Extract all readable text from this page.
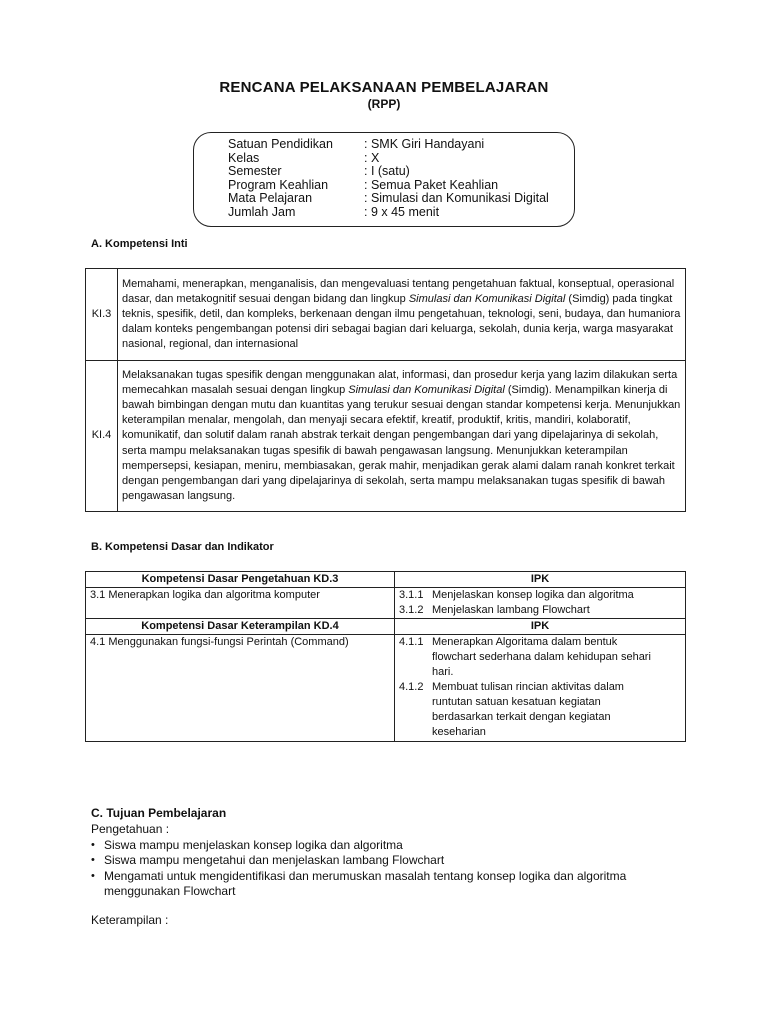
RENCANA PELAKSANAAN PEMBELAJARAN
(RPP)
Satuan Pendidikan	: SMK Giri Handayani
Kelas	: X
Semester	: I (satu)
Program Keahlian	: Semua Paket Keahlian
Mata Pelajaran	: Simulasi dan Komunikasi Digital
Jumlah Jam	: 9 x 45 menit
A. Kompetensi Inti
KI.3	Memahami, menerapkan, menganalisis, dan mengevaluasi tentang pengetahuan faktual, konseptual, operasional dasar, dan metakognitif sesuai dengan bidang dan lingkup Simulasi dan Komunikasi Digital (Simdig) pada tingkat teknis, spesifik, detil, dan kompleks, berkenaan dengan ilmu pengetahuan, teknologi, seni, budaya, dan humaniora dalam konteks pengembangan potensi diri sebagai bagian dari keluarga, sekolah, dunia kerja, warga masyarakat nasional, regional, dan internasional
KI.4	Melaksanakan tugas spesifik dengan menggunakan alat, informasi, dan prosedur kerja yang lazim dilakukan serta memecahkan masalah sesuai dengan lingkup Simulasi dan Komunikasi Digital (Simdig). Menampilkan kinerja di bawah bimbingan dengan mutu dan kuantitas yang terukur sesuai dengan standar kompetensi kerja. Menunjukkan keterampilan menalar, mengolah, dan menyaji secara efektif, kreatif, produktif, kritis, mandiri, kolaboratif, komunikatif, dan solutif dalam ranah abstrak terkait dengan pengembangan dari yang dipelajarinya di sekolah, serta mampu melaksanakan tugas spesifik di bawah pengawasan langsung. Menunjukkan keterampilan mempersepsi, kesiapan, meniru, membiasakan, gerak mahir, menjadikan gerak alami dalam ranah konkret terkait dengan pengembangan dari yang dipelajarinya di sekolah, serta mampu melaksanakan tugas spesifik di bawah pengawasan langsung.
B. Kompetensi Dasar dan Indikator
Kompetensi Dasar Pengetahuan KD.3	IPK
3.1 Menerapkan logika dan algoritma komputer	3.1.1 Menjelaskan konsep logika dan algoritma
3.1.2 Menjelaskan lambang Flowchart

Kompetensi Dasar Keterampilan KD.4	IPK
4.1 Menggunakan fungsi-fungsi Perintah (Command)	4.1.1 Menerapkan Algoritama dalam bentuk flowchart sederhana dalam kehidupan sehari hari.
4.1.2 Membuat tulisan rincian aktivitas dalam runtutan satuan kesatuan kegiatan berdasarkan terkait dengan kegiatan keseharian
C. Tujuan Pembelajaran
Pengetahuan :
• Siswa mampu menjelaskan konsep logika dan algoritma
• Siswa mampu mengetahui dan menjelaskan lambang Flowchart
• Mengamati untuk mengidentifikasi dan merumuskan masalah tentang konsep logika dan algoritma menggunakan Flowchart
Keterampilan :
